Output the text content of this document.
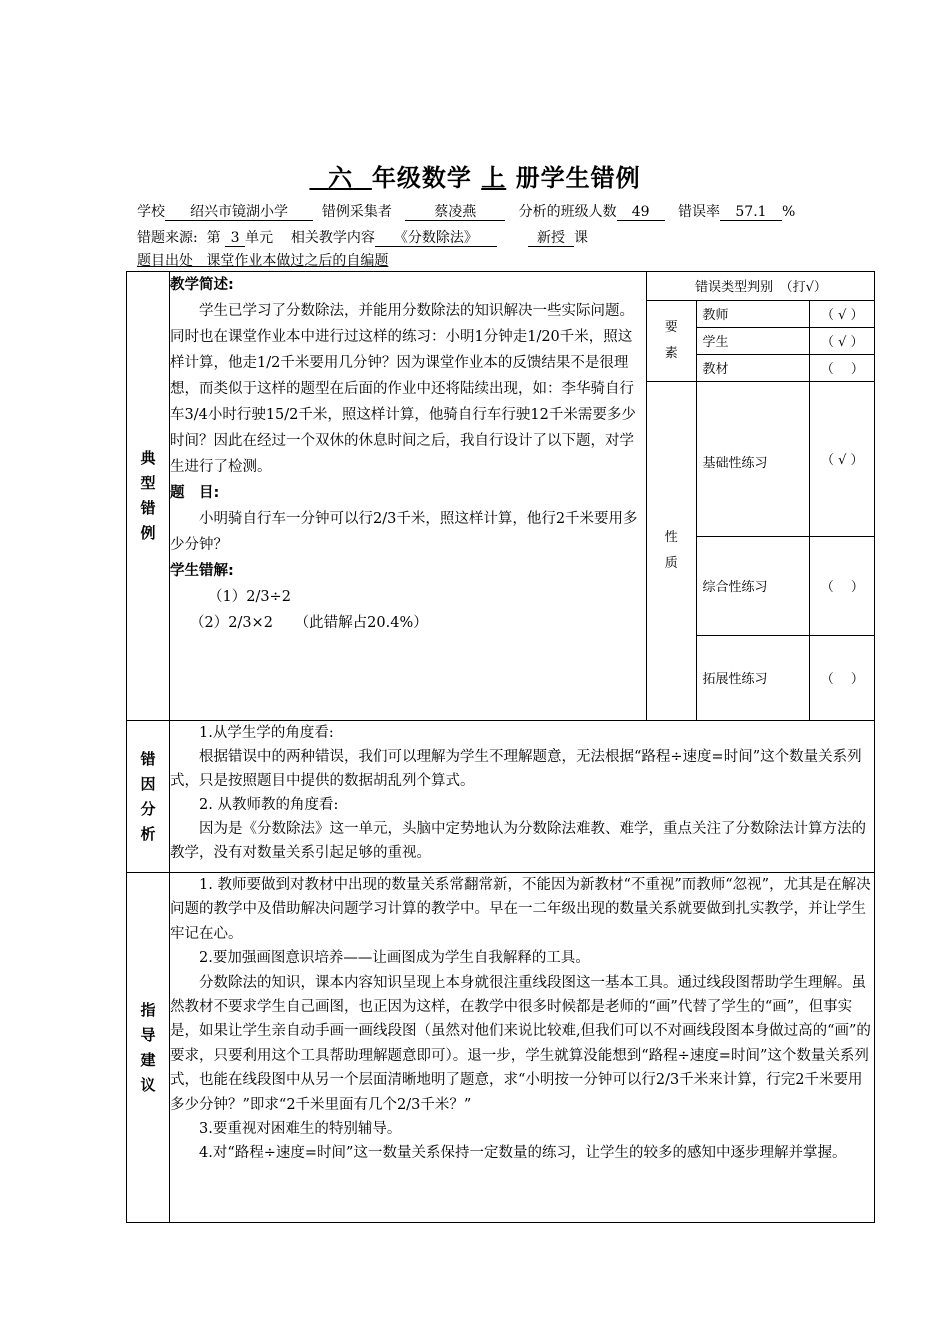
六 年级数学 上 册学生错例
学校 绍兴市镜湖小学 错例采集者	蔡凌燕	分析的班级人数 49 错误率 57.1 %
错题来源: 第 3 单元 相关教学内容 《分数除法》	新授 课
题目出处 课堂作业本做过之后的自编题
典
型
错
例

教学简述:

学生已学习了分数除法，并能用分数除法的知识解决一些实际问题。同时也在课堂作业本中进行过这样的练习：小明1分钟走1/20千米，照这样计算，他走1/2千米要用几分钟？因为课堂作业本的反馈结果不是很理想，而类似于这样的题型在后面的作业中还将陆续出现，如：李华骑自行车3/4小时行驶15/2千米，照这样计算，他骑自行车行驶12千米需要多少时间？因此在经过一个双休的休息时间之后，我自行设计了以下题，对学生进行了检测。

题　目:

小明骑自行车一分钟可以行2/3千米，照这样计算，他行2千米要用多少分钟？

学生错解:

（1）2/3÷2

（2）2/3×2　　（此错解占20.4%）

错误类型判别　（打√）

要
素
	教师	（ √ ）
学生	（ √ ）
教材	（　 ）

性
质
	基础性练习	（ √ ）
综合性练习	（　 ）
拓展性练习	（　 ）

错
因
分
析

1.从学生学的角度看:

根据错误中的两种错误，我们可以理解为学生不理解题意，无法根据“路程÷速度=时间”这个数量关系列式，只是按照题目中提供的数据胡乱列个算式。

2. 从教师教的角度看:

因为是《分数除法》这一单元，头脑中定势地认为分数除法难教、难学，重点关注了分数除法计算方法的教学，没有对数量关系引起足够的重视。

指
导
建
议

1. 教师要做到对教材中出现的数量关系常翻常新，不能因为新教材“不重视”而教师“忽视”，尤其是在解决问题的教学中及借助解决问题学习计算的教学中。早在一二年级出现的数量关系就要做到扎实教学，并让学生牢记在心。

2.要加强画图意识培养——让画图成为学生自我解释的工具。

分数除法的知识，课本内容知识呈现上本身就很注重线段图这一基本工具。通过线段图帮助学生理解。虽然教材不要求学生自己画图，也正因为这样，在教学中很多时候都是老师的“画”代替了学生的“画”，但事实是，如果让学生亲自动手画一画线段图（虽然对他们来说比较难,但我们可以不对画线段图本身做过高的“画”的要求，只要利用这个工具帮助理解题意即可）。退一步，学生就算没能想到“路程÷速度=时间”这个数量关系列式，也能在线段图中从另一个层面清晰地明了题意，求“小明按一分钟可以行2/3千米来计算，行完2千米要用多少分钟？”即求“2千米里面有几个2/3千米？”

3.要重视对困难生的特别辅导。

4.对“路程÷速度=时间”这一数量关系保持一定数量的练习，让学生的较多的感知中逐步理解并掌握。
